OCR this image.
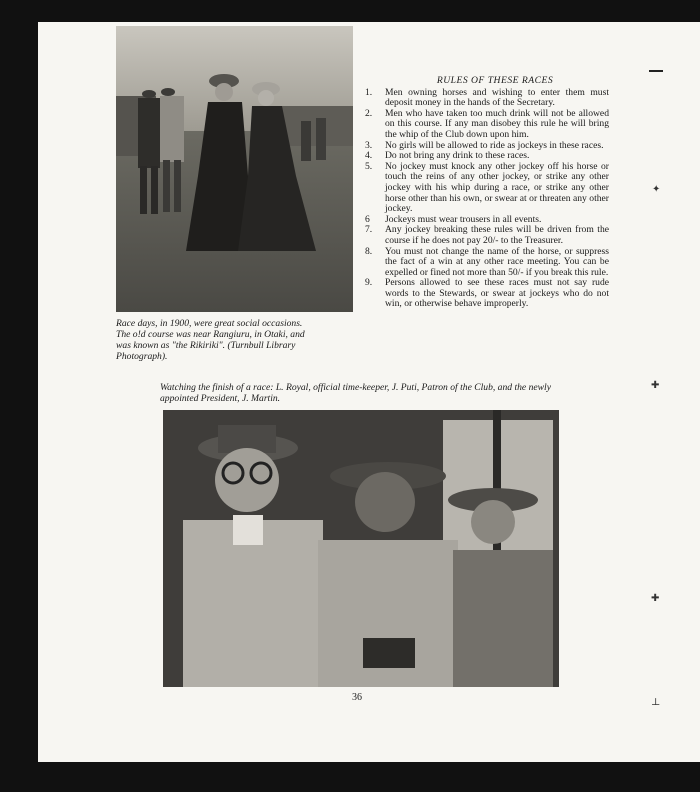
Race days, in 1900, were great social occasions. The o!d course was near Rangiuru, in Otaki, and was known as "the Rikiriki". (Turnbull Library Photograph).
RULES OF THESE RACES
1.	Men owning horses and wishing to enter them must deposit money in the hands of the Secretary.
2.	Men who have taken too much drink will not be allowed on this course. If any man disobey this rule he will bring the whip of the Club down upon him.
3.	No girls will be allowed to ride as jockeys in these races.
4.	Do not bring any drink to these races.
5.	No jockey must knock any other jockey off his horse or touch the reins of any other jockey, or strike any other jockey with his whip during a race, or strike any other horse other than his own, or swear at or threaten any other jockey.
6	Jockeys must wear trousers in all events.
7.	Any jockey breaking these rules will be driven from the course if he does not pay 20/- to the Treasurer.
8.	You must not change the name of the horse, or suppress the fact of a win at any other race meeting. You can be expelled or fined not more than 50/- if you break this rule.
9.	Persons allowed to see these races must not say rude words to the Stewards, or swear at jockeys who do not win, or otherwise behave improperly.
Watching the finish of a race: L. Royal, official time-keeper, J. Puti, Patron of the Club, and the newly appointed President, J. Martin.
36
✦
✚
✚
⊥
